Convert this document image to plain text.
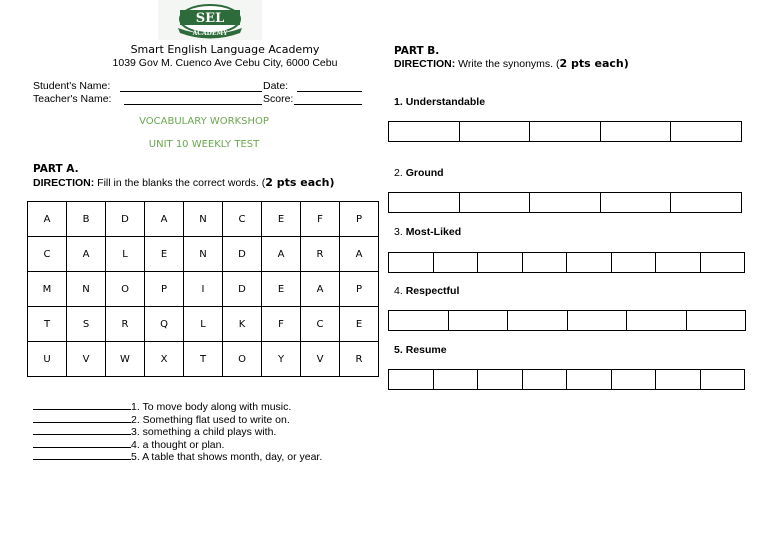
SEL
ACADEMY
Smart English Language Academy
1039 Gov M. Cuenco Ave Cebu City, 6000 Cebu
Student's Name:	Date:
Teacher's Name:	Score:
VOCABULARY WORKSHOP
UNIT 10 WEEKLY TEST
PART A.
DIRECTION: Fill in the blanks the correct words. (2 pts each)
A	B	D	A	N	C	E	F	P
C	A	L	E	N	D	A	R	A
M	N	O	P	I	D	E	A	P
T	S	R	Q	L	K	F	C	E
U	V	W	X	T	O	Y	V	R
1. To move body along with music.
2. Something flat used to write on.
3. something a child plays with.
4. a thought or plan.
5. A table that shows month, day, or year.
PART B.
DIRECTION: Write the synonyms. (2 pts each)
1. Understandable

2. Ground

3. Most-Liked

4. Respectful

5. Resume
